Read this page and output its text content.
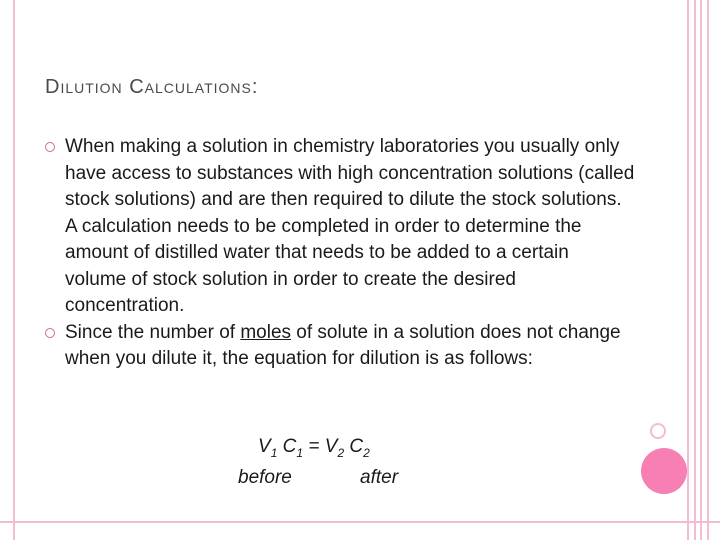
Dilution Calculations:
When making a solution in chemistry laboratories you usually only have access to substances with high concentration solutions (called stock solutions) and are then required to dilute the stock solutions. A calculation needs to be completed in order to determine the amount of distilled water that needs to be added to a certain volume of stock solution in order to create the desired concentration.
Since the number of moles of solute in a solution does not change when you dilute it, the equation for dilution is as follows:
$V_1$ $C_1 = V_2$ $C_2$
before	after
